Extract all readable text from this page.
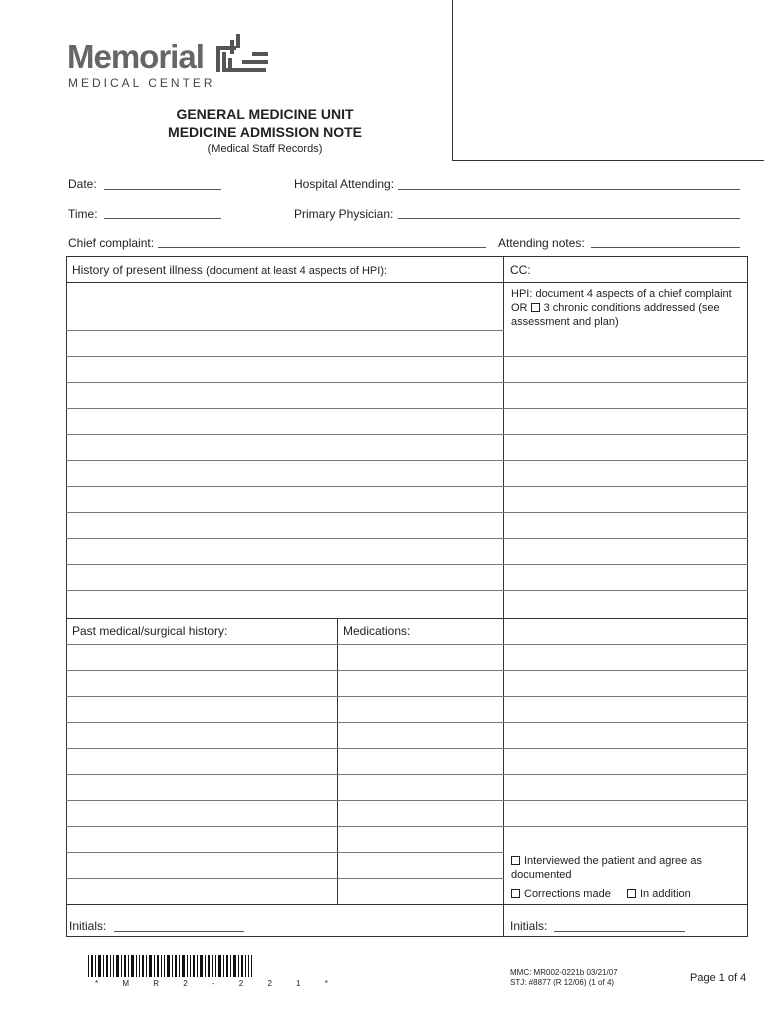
Memorial
MEDICAL CENTER
GENERAL MEDICINE UNIT
MEDICINE ADMISSION NOTE
(Medical Staff Records)
Date:	Hospital Attending:
Time:	Primary Physician:
Chief complaint:	Attending notes:
History of present illness (document at least 4 aspects of HPI):	CC:
HPI: document 4 aspects of a chief complaint
OR 3 chronic conditions addressed (see
assessment and plan)
Past medical/surgical history:	Medications:
Interviewed the patient and agree as
documented
Corrections made	In addition
Initials:	Initials:
* M R 2 - 2 2 1 *
MMC: MR002-0221b 03/21/07
STJ: #8877 (R 12/06) (1 of 4)	Page 1 of 4
